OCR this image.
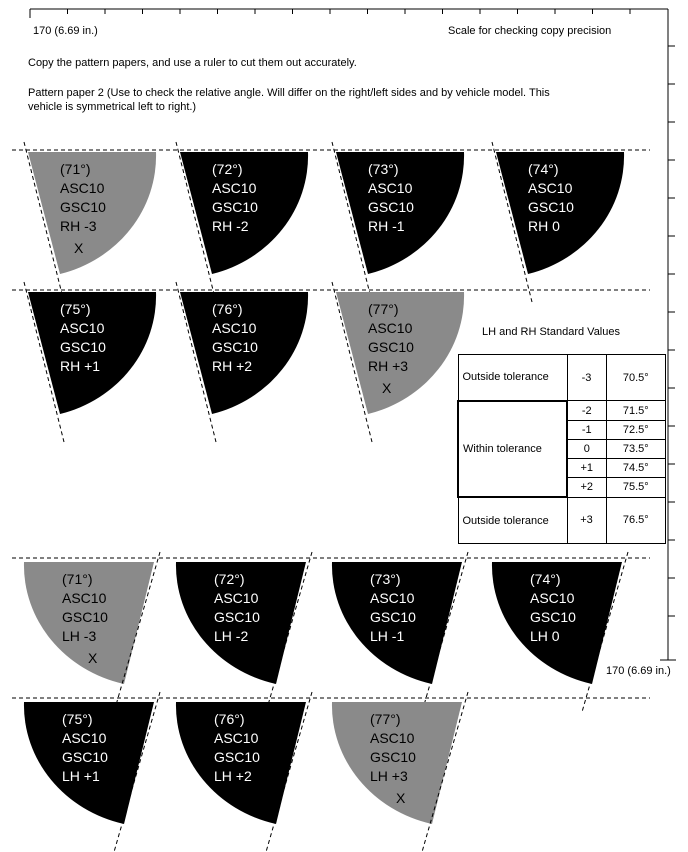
170 (6.69 in.)	Scale for checking copy precision
Copy the pattern papers, and use a ruler to cut them out accurately.
Pattern paper 2 (Use to check the relative angle. Will differ on the right/left sides and by vehicle model. This
vehicle is symmetrical left to right.)
170 (6.69 in.)
(71°)
ASC10
GSC10
RH -3
X
(72°)
ASC10
GSC10
RH -2
(73°)
ASC10
GSC10
RH -1
(74°)
ASC10
GSC10
RH 0
(75°)
ASC10
GSC10
RH +1
(76°)
ASC10
GSC10
RH +2
(77°)
ASC10
GSC10
RH +3
X
(71°)
ASC10
GSC10
LH -3
X
(72°)
ASC10
GSC10
LH -2
(73°)
ASC10
GSC10
LH -1
(74°)
ASC10
GSC10
LH 0
(75°)
ASC10
GSC10
LH +1
(76°)
ASC10
GSC10
LH +2
(77°)
ASC10
GSC10
LH +3
X
LH and RH Standard Values
Outside tolerance	-3	70.5°
Within tolerance	-2	71.5°
	-1	72.5°
	0	73.5°
	+1	74.5°
	+2	75.5°
Outside tolerance	+3	76.5°
